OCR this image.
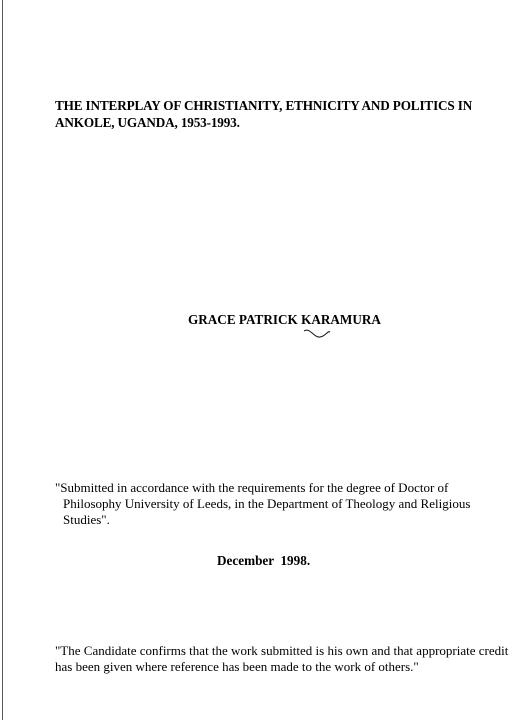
THE INTERPLAY OF CHRISTIANITY, ETHNICITY AND POLITICS IN
ANKOLE, UGANDA, 1953-1993.

GRACE PATRICK KARAMURA

"Submitted in accordance with the requirements for the degree of Doctor of
Philosophy University of Leeds, in the Department of Theology and Religious
Studies".

December  1998.

"The Candidate confirms that the work submitted is his own and that appropriate credit
has been given where reference has been made to the work of others."
